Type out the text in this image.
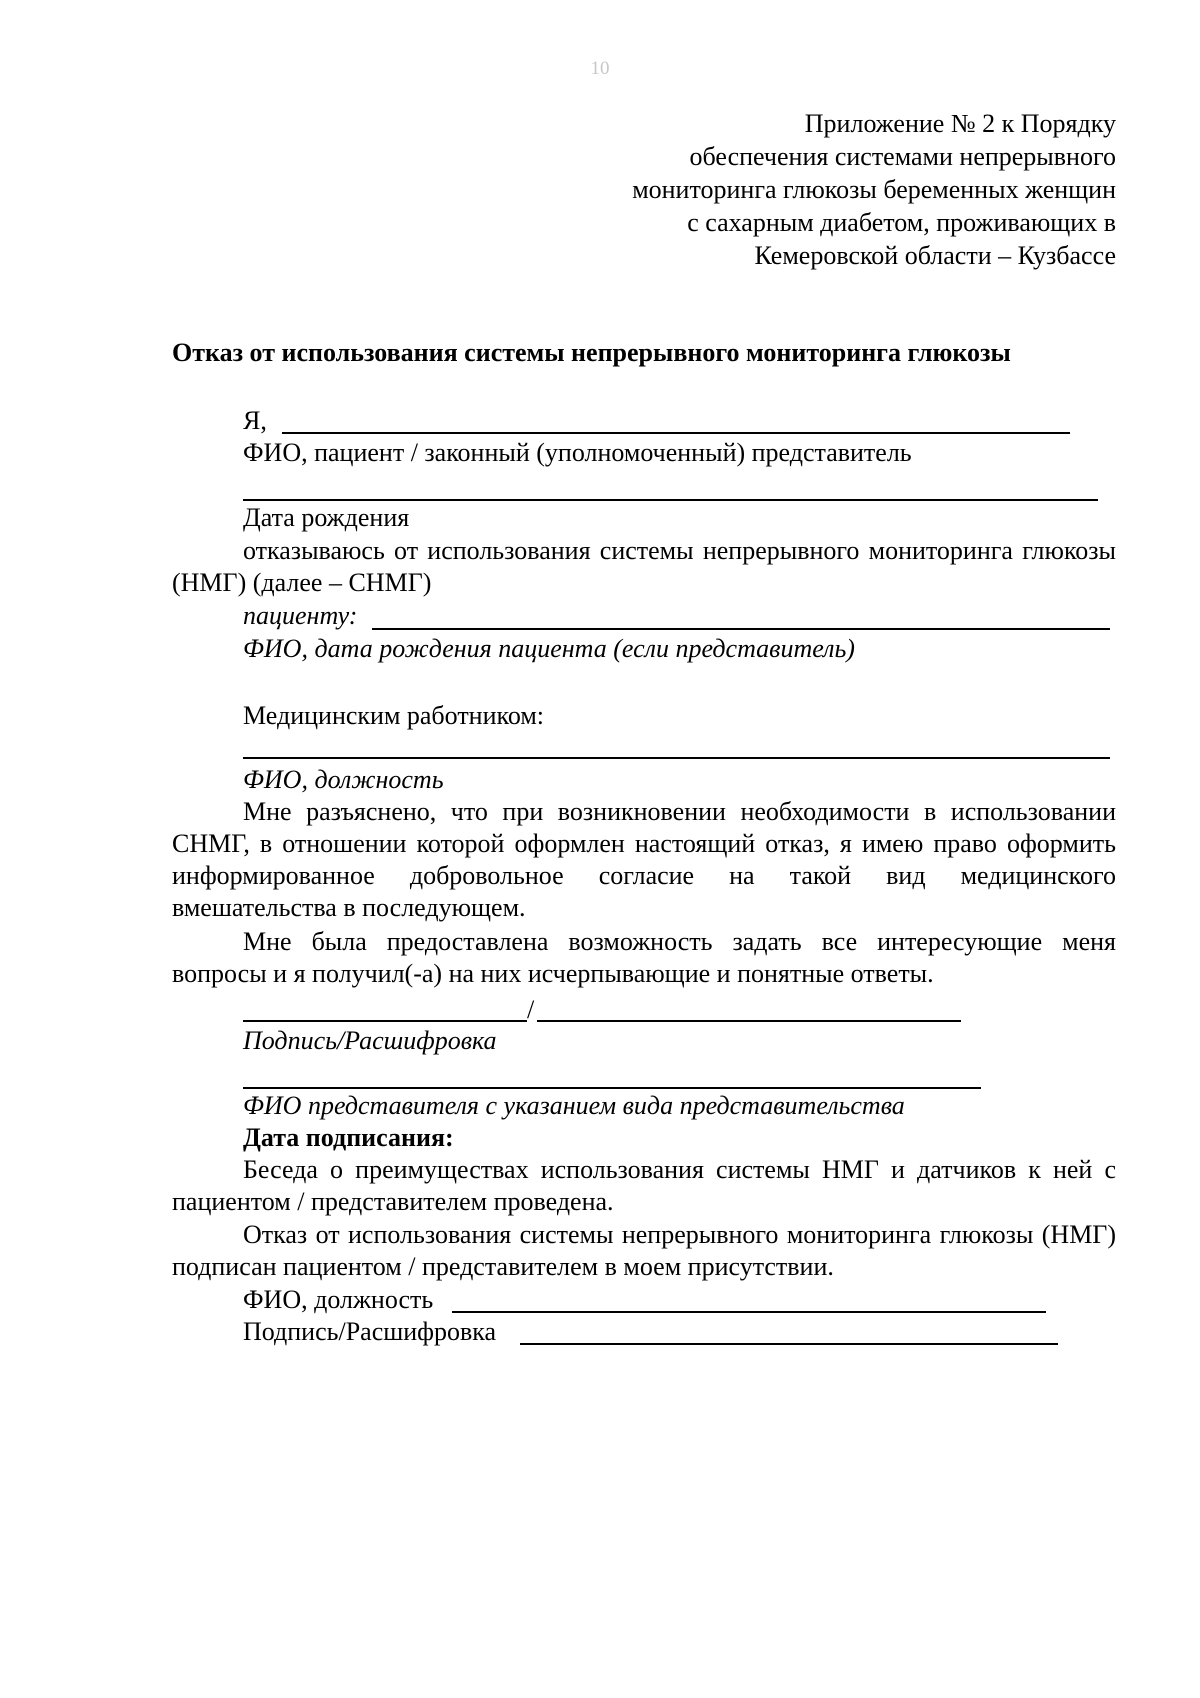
10
Приложение № 2 к Порядку
обеспечения системами непрерывного
мониторинга глюкозы беременных женщин
с сахарным диабетом, проживающих в
Кемеровской области – Кузбассе
Отказ от использования системы непрерывного мониторинга глюкозы
Я,
ФИО, пациент / законный (уполномоченный) представитель
Дата рождения
отказываюсь от использования системы непрерывного мониторинга глюкозы (НМГ) (далее – СНМГ)
пациенту:
ФИО, дата рождения пациента (если представитель)
Медицинским работником:
ФИО, должность
Мне разъяснено, что при возникновении необходимости в использовании СНМГ, в отношении которой оформлен настоящий отказ, я имею право оформить информированное добровольное согласие на такой вид медицинского вмешательства в последующем.
Мне была предоставлена возможность задать все интересующие меня вопросы и я получил(-а) на них исчерпывающие и понятные ответы.
/
Подпись/Расшифровка
ФИО представителя с указанием вида представительства
Дата подписания:
Беседа о преимуществах использования системы НМГ и датчиков к ней с пациентом / представителем проведена.
Отказ от использования системы непрерывного мониторинга глюкозы (НМГ) подписан пациентом / представителем в моем присутствии.
ФИО, должность
Подпись/Расшифровка
